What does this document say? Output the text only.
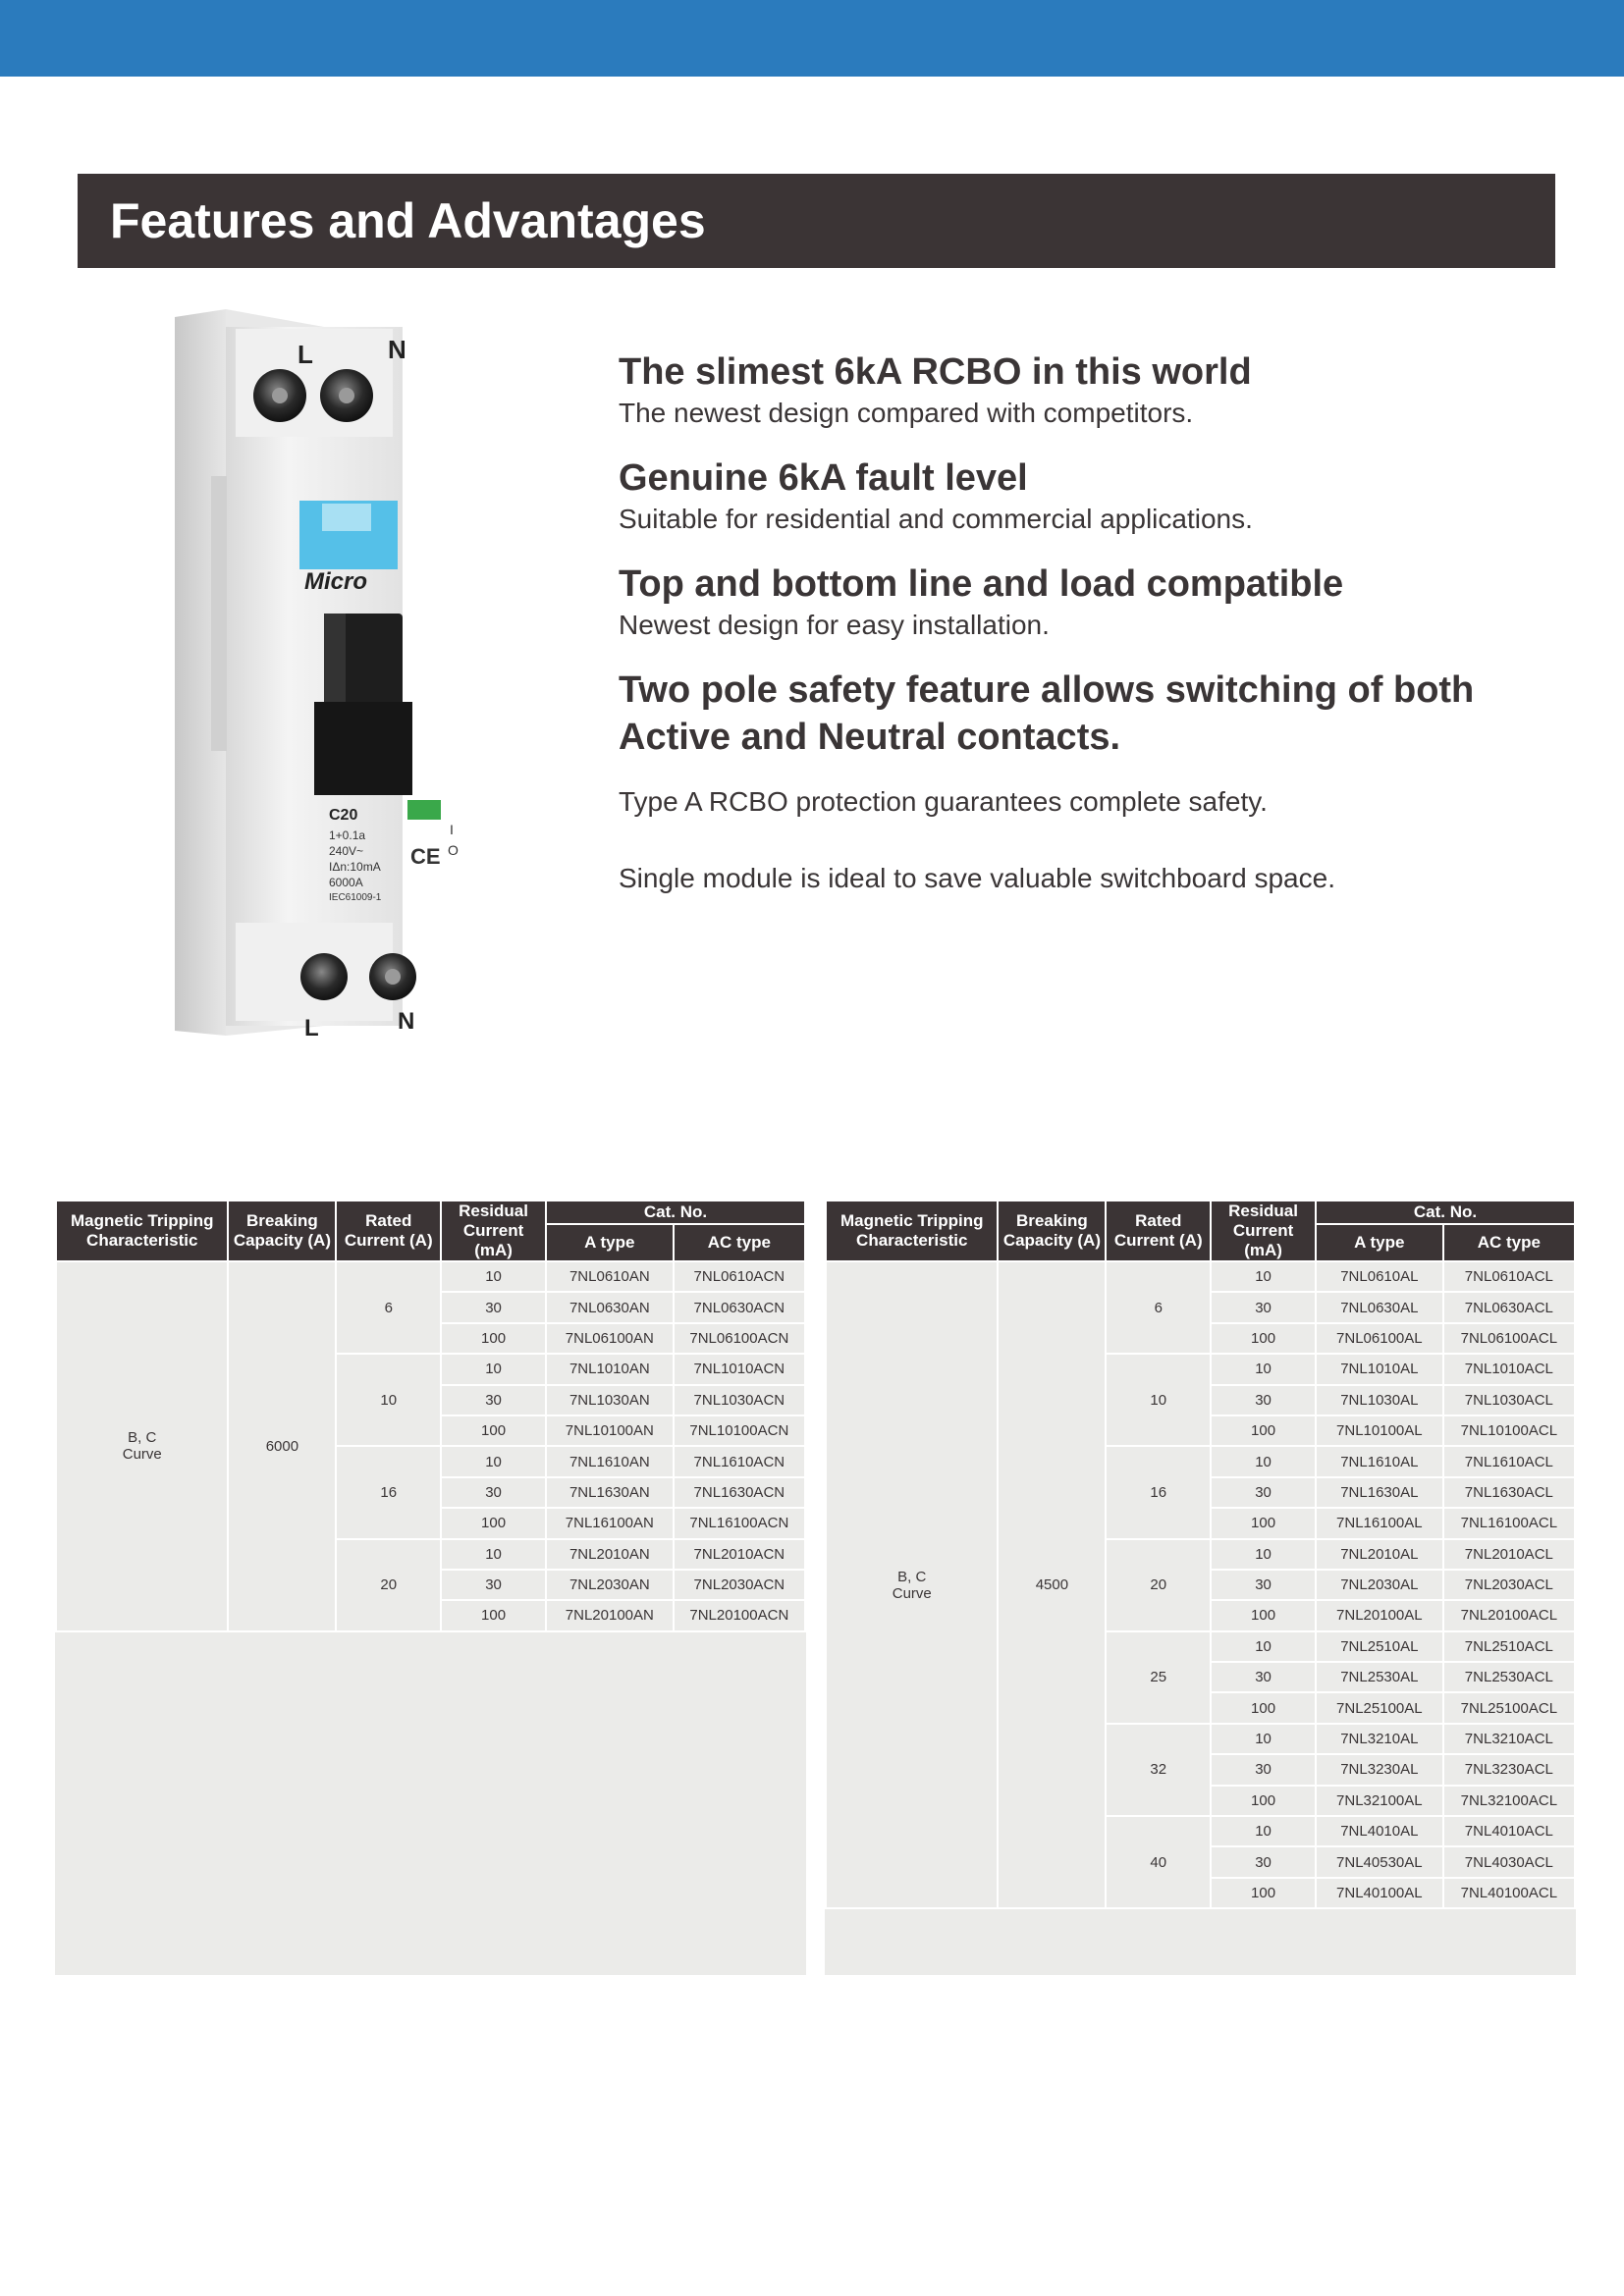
Features and Advantages
L	N
Micro
C20
1+0.1a
240V~
IΔn:10mA
6000A
IEC61009-1
CE
I
O
L	N
The slimest 6kA RCBO in this world

The newest design compared with competitors.

Genuine 6kA fault level

Suitable for residential and commercial applications.

Top and bottom line and load compatible

Newest design for easy installation.

Two pole safety feature allows switching of both Active and Neutral contacts.

Type A RCBO protection guarantees complete safety.

Single module is ideal to save valuable switchboard space.

Magnetic Tripping Characteristic	Breaking Capacity (A)	Rated Current (A)	Residual Current (mA)	Cat. No.	
				A type	AC type
B, C
Curve	6000	6	10	7NL0610AN	7NL0610ACN
			30	7NL0630AN	7NL0630ACN
			100	7NL06100AN	7NL06100ACN
		10	10	7NL1010AN	7NL1010ACN
			30	7NL1030AN	7NL1030ACN
			100	7NL10100AN	7NL10100ACN
		16	10	7NL1610AN	7NL1610ACN
			30	7NL1630AN	7NL1630ACN
			100	7NL16100AN	7NL16100ACN
		20	10	7NL2010AN	7NL2010ACN
			30	7NL2030AN	7NL2030ACN
			100	7NL20100AN	7NL20100ACN
Magnetic Tripping Characteristic	Breaking Capacity (A)	Rated Current (A)	Residual Current (mA)	Cat. No.	
				A type	AC type
B, C
Curve	4500	6	10	7NL0610AL	7NL0610ACL
			30	7NL0630AL	7NL0630ACL
			100	7NL06100AL	7NL06100ACL
		10	10	7NL1010AL	7NL1010ACL
			30	7NL1030AL	7NL1030ACL
			100	7NL10100AL	7NL10100ACL
		16	10	7NL1610AL	7NL1610ACL
			30	7NL1630AL	7NL1630ACL
			100	7NL16100AL	7NL16100ACL
		20	10	7NL2010AL	7NL2010ACL
			30	7NL2030AL	7NL2030ACL
			100	7NL20100AL	7NL20100ACL
		25	10	7NL2510AL	7NL2510ACL
			30	7NL2530AL	7NL2530ACL
			100	7NL25100AL	7NL25100ACL
		32	10	7NL3210AL	7NL3210ACL
			30	7NL3230AL	7NL3230ACL
			100	7NL32100AL	7NL32100ACL
		40	10	7NL4010AL	7NL4010ACL
			30	7NL40530AL	7NL4030ACL
			100	7NL40100AL	7NL40100ACL
